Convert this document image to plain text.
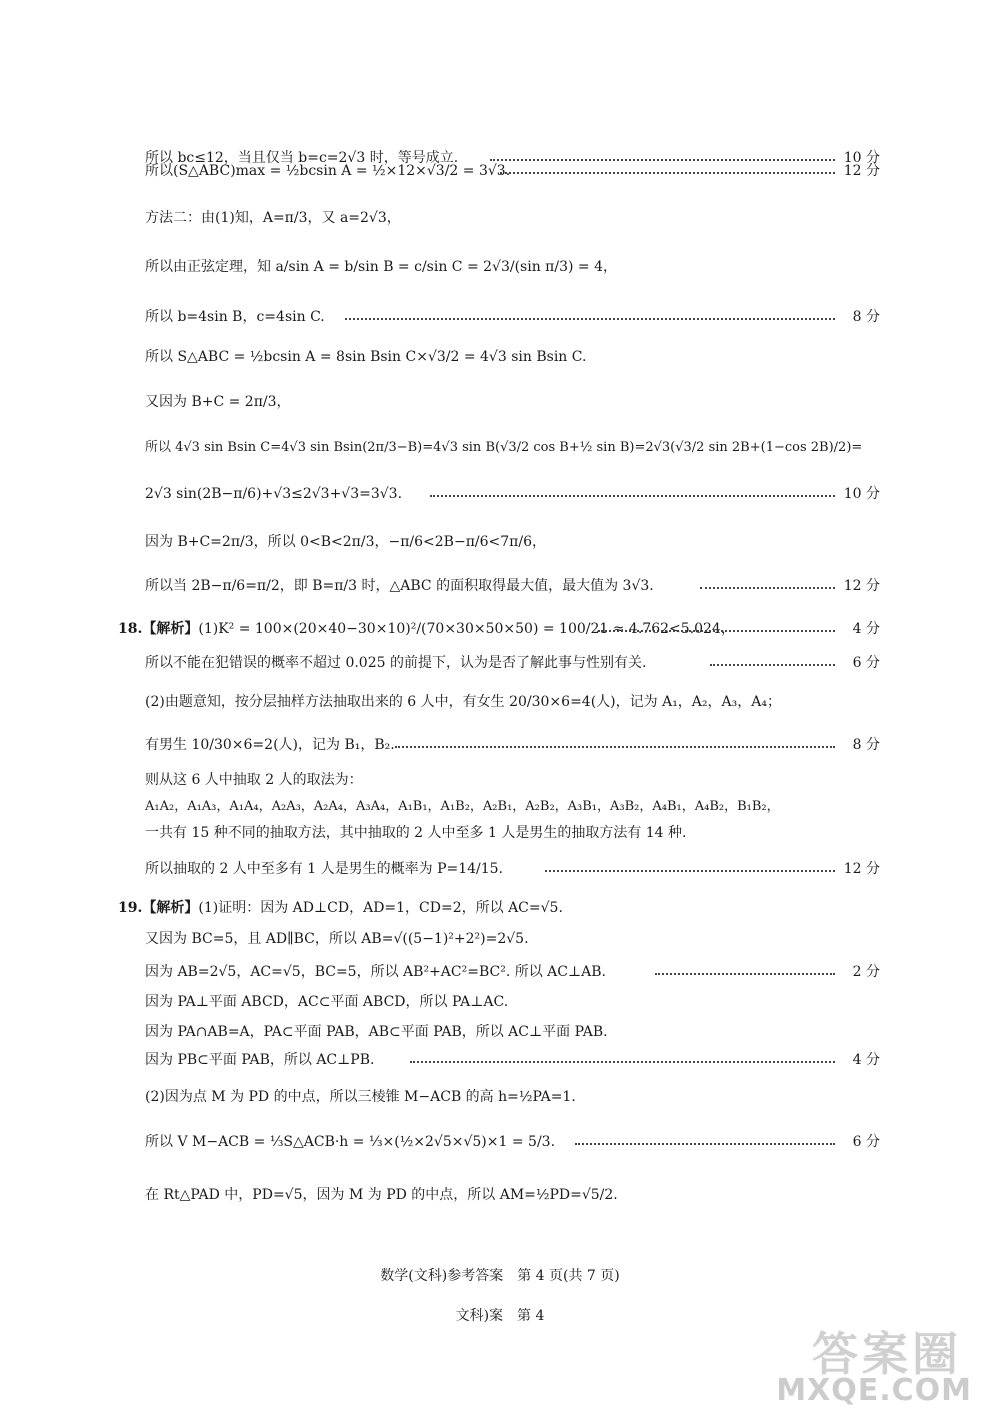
所以 bc≤12，当且仅当 b=c=2√3 时，等号成立.	10 分
所以(S△ABC)max = ½bcsin A = ½×12×√3/2 = 3√3.	12 分
方法二：由(1)知，A=π/3，又 a=2√3，
所以由正弦定理，知 a/sin A = b/sin B = c/sin C = 2√3/(sin π/3) = 4，
所以 b=4sin B，c=4sin C.	8 分
所以 S△ABC = ½bcsin A = 8sin Bsin C×√3/2 = 4√3 sin Bsin C.
又因为 B+C = 2π/3，
所以 4√3 sin Bsin C=4√3 sin Bsin(2π/3−B)=4√3 sin B(√3/2 cos B+½ sin B)=2√3(√3/2 sin 2B+(1−cos 2B)/2)=
2√3 sin(2B−π/6)+√3≤2√3+√3=3√3.	10 分
因为 B+C=2π/3，所以 0<B<2π/3，−π/6<2B−π/6<7π/6，
所以当 2B−π/6=π/2，即 B=π/3 时，△ABC 的面积取得最大值，最大值为 3√3.	12 分
18.【解析】(1)K² = 100×(20×40−30×10)²/(70×30×50×50) = 100/21 ≈ 4.762<5.024，	4 分
所以不能在犯错误的概率不超过 0.025 的前提下，认为是否了解此事与性别有关.	6 分
(2)由题意知，按分层抽样方法抽取出来的 6 人中，有女生 20/30×6=4(人)，记为 A₁，A₂，A₃，A₄；
有男生 10/30×6=2(人)，记为 B₁，B₂.	8 分
则从这 6 人中抽取 2 人的取法为：
A₁A₂，A₁A₃，A₁A₄，A₂A₃，A₂A₄，A₃A₄，A₁B₁，A₁B₂，A₂B₁，A₂B₂，A₃B₁，A₃B₂，A₄B₁，A₄B₂，B₁B₂，
一共有 15 种不同的抽取方法，其中抽取的 2 人中至多 1 人是男生的抽取方法有 14 种.
所以抽取的 2 人中至多有 1 人是男生的概率为 P=14/15.	12 分
19.【解析】(1)证明：因为 AD⊥CD，AD=1，CD=2，所以 AC=√5.
又因为 BC=5，且 AD∥BC，所以 AB=√((5−1)²+2²)=2√5.
因为 AB=2√5，AC=√5，BC=5，所以 AB²+AC²=BC². 所以 AC⊥AB.	2 分
因为 PA⊥平面 ABCD，AC⊂平面 ABCD，所以 PA⊥AC.
因为 PA∩AB=A，PA⊂平面 PAB，AB⊂平面 PAB，所以 AC⊥平面 PAB.
因为 PB⊂平面 PAB，所以 AC⊥PB.	4 分
(2)因为点 M 为 PD 的中点，所以三棱锥 M−ACB 的高 h=½PA=1.
所以 V M−ACB = ⅓S△ACB·h = ⅓×(½×2√5×√5)×1 = 5/3.	6 分
在 Rt△PAD 中，PD=√5，因为 M 为 PD 的中点，所以 AM=½PD=√5/2.
数学(文科)参考答案　第 4 页(共 7 页)
文科)案　第 4
答案圈
MXQE.COM
